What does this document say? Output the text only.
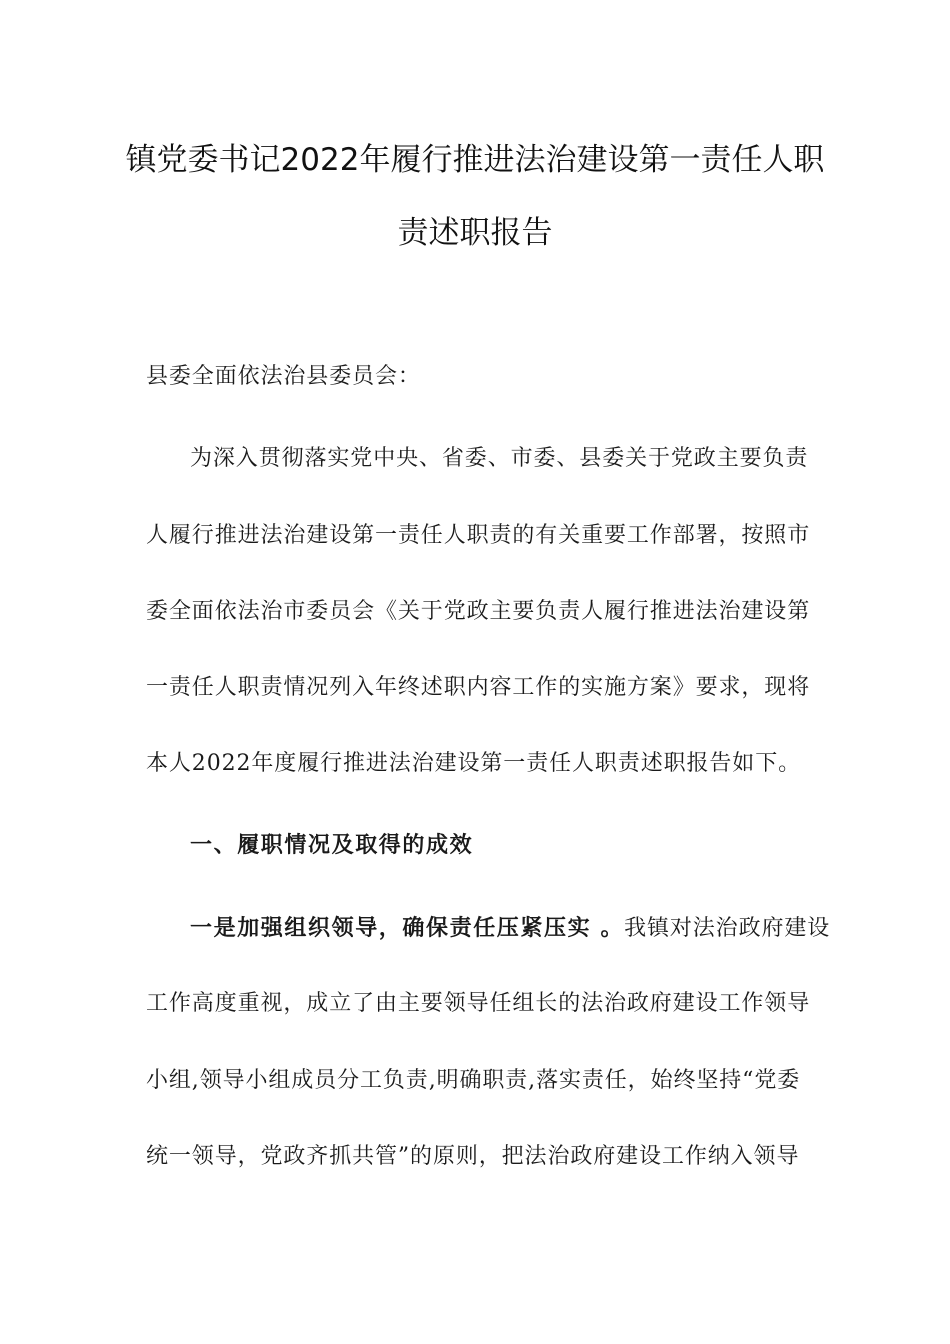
镇党委书记2022年履行推进法治建设第一责任人职
责述职报告
县委全面依法治县委员会：
为深入贯彻落实党中央、省委、市委、县委关于党政主要负责
人履行推进法治建设第一责任人职责的有关重要工作部署，按照市
委全面依法治市委员会《关于党政主要负责人履行推进法治建设第
一责任人职责情况列入年终述职内容工作的实施方案》要求，现将
本人2022年度履行推进法治建设第一责任人职责述职报告如下。
一、履职情况及取得的成效
一是加强组织领导，确保责任压紧压实 。我镇对法治政府建设
工作高度重视，成立了由主要领导任组长的法治政府建设工作领导
小组,领导小组成员分工负责,明确职责,落实责任，始终坚持“党委
统一领导，党政齐抓共管”的原则，把法治政府建设工作纳入领导
